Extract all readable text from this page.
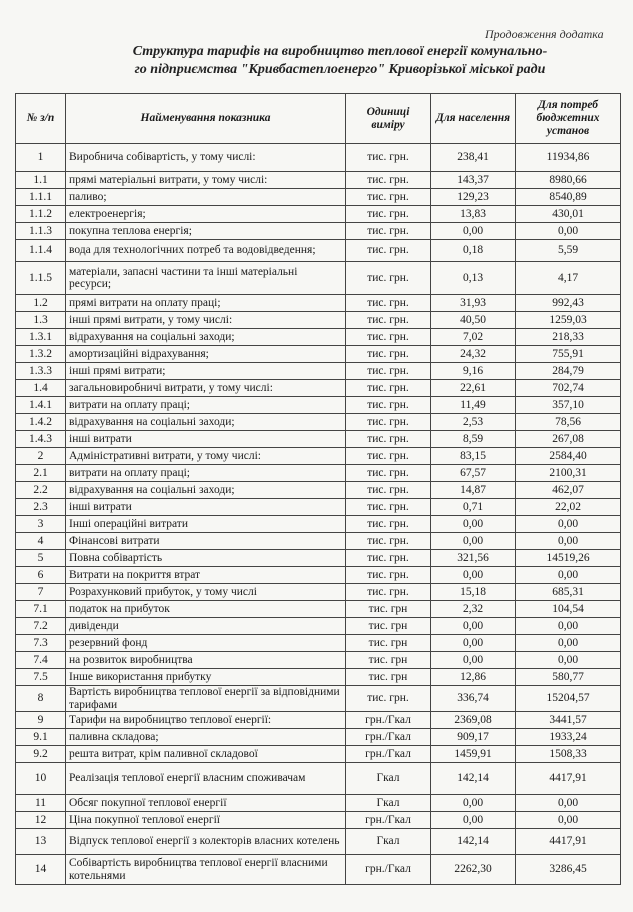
Продовження додатка
Структура тарифів на виробництво теплової енергії комунально-
го підприємства "Кривбастеплоенерго" Криворізької міської ради
№ з/п	Найменування показника	Одиниці виміру	Для населення	Для потреб бюджетних установ
1	Виробнича собівартість, у тому числі:	тис. грн.	238,41	11934,86
1.1	прямі матеріальні витрати, у тому числі:	тис. грн.	143,37	8980,66
1.1.1	паливо;	тис. грн.	129,23	8540,89
1.1.2	електроенергія;	тис. грн.	13,83	430,01
1.1.3	покупна теплова енергія;	тис. грн.	0,00	0,00
1.1.4	вода для технологічних потреб та водовідведення;	тис. грн.	0,18	5,59
1.1.5	матеріали, запасні частини та інші матеріальні ресурси;	тис. грн.	0,13	4,17
1.2	прямі витрати на оплату праці;	тис. грн.	31,93	992,43
1.3	інші прямі витрати, у тому числі:	тис. грн.	40,50	1259,03
1.3.1	відрахування на соціальні заходи;	тис. грн.	7,02	218,33
1.3.2	амортизаційні відрахування;	тис. грн.	24,32	755,91
1.3.3	інші прямі витрати;	тис. грн.	9,16	284,79
1.4	загальновиробничі витрати, у тому числі:	тис. грн.	22,61	702,74
1.4.1	витрати на оплату праці;	тис. грн.	11,49	357,10
1.4.2	відрахування на соціальні заходи;	тис. грн.	2,53	78,56
1.4.3	інші витрати	тис. грн.	8,59	267,08
2	Адміністративні витрати, у тому числі:	тис. грн.	83,15	2584,40
2.1	витрати на оплату праці;	тис. грн.	67,57	2100,31
2.2	відрахування на соціальні заходи;	тис. грн.	14,87	462,07
2.3	інші витрати	тис. грн.	0,71	22,02
3	Інші операційні витрати	тис. грн.	0,00	0,00
4	Фінансові витрати	тис. грн.	0,00	0,00
5	Повна собівартість	тис. грн.	321,56	14519,26
6	Витрати на покриття втрат	тис. грн.	0,00	0,00
7	Розрахунковий прибуток, у тому числі	тис. грн.	15,18	685,31
7.1	податок на прибуток	тис. грн	2,32	104,54
7.2	дивіденди	тис. грн	0,00	0,00
7.3	резервний фонд	тис. грн	0,00	0,00
7.4	на розвиток виробництва	тис. грн	0,00	0,00
7.5	Інше використання прибутку	тис. грн	12,86	580,77
8	Вартість виробництва теплової енергії за відповідними тарифами	тис. грн.	336,74	15204,57
9	Тарифи на виробництво теплової енергії:	грн./Гкал	2369,08	3441,57
9.1	паливна складова;	грн./Гкал	909,17	1933,24
9.2	решта витрат, крім паливної складової	грн./Гкал	1459,91	1508,33
10	Реалізація теплової енергії власним споживачам	Гкал	142,14	4417,91
11	Обсяг покупної теплової енергії	Гкал	0,00	0,00
12	Ціна покупної теплової енергії	грн./Гкал	0,00	0,00
13	Відпуск теплової енергії з колекторів власних котелень	Гкал	142,14	4417,91
14	Собівартість виробництва теплової енергії власними котельнями	грн./Гкал	2262,30	3286,45
